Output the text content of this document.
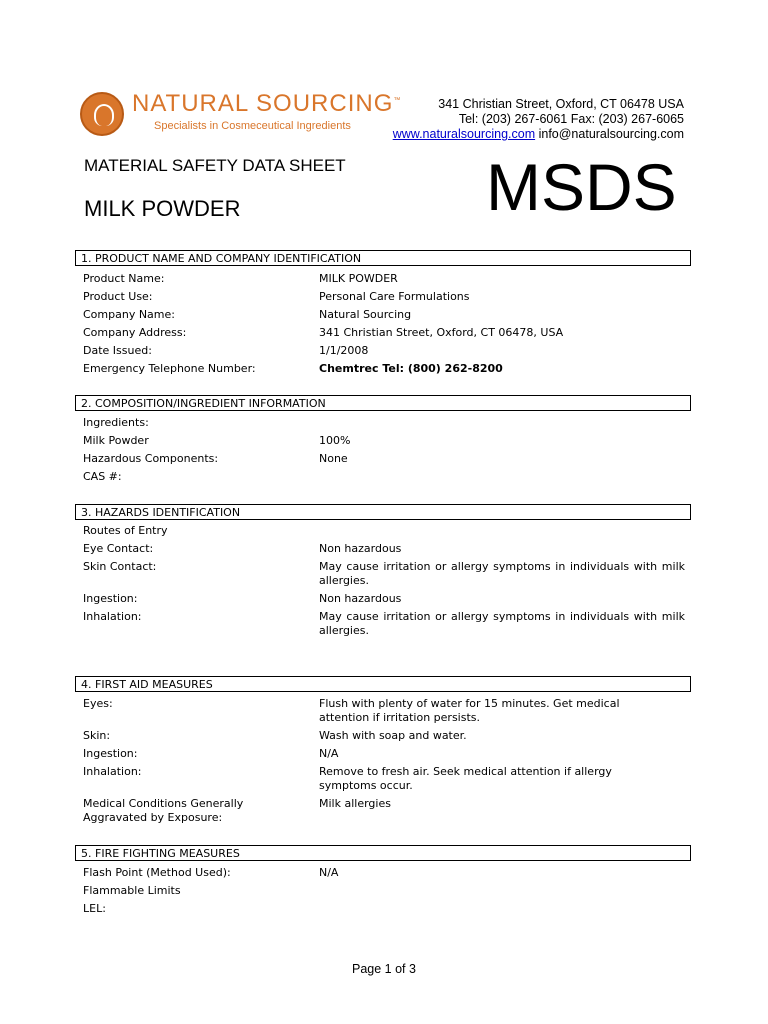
NATURAL SOURCING™
Specialists in Cosmeceutical Ingredients
341 Christian Street, Oxford, CT 06478 USA
Tel: (203) 267-6061 Fax: (203) 267-6065
www.naturalsourcing.com info@naturalsourcing.com
MATERIAL SAFETY DATA SHEET
MILK POWDER	MSDS
1. PRODUCT NAME AND COMPANY IDENTIFICATION
Product Name:	MILK POWDER
Product Use:	Personal Care Formulations
Company Name:	Natural Sourcing
Company Address:	341 Christian Street, Oxford, CT 06478, USA
Date Issued:	1/1/2008
Emergency Telephone Number:	Chemtrec Tel: (800) 262-8200
2. COMPOSITION/INGREDIENT INFORMATION
Ingredients:
Milk Powder	100%
Hazardous Components:	None
CAS #:
3. HAZARDS IDENTIFICATION
Routes of Entry
Eye Contact:	Non hazardous
Skin Contact:	May cause irritation or allergy symptoms in individuals with milk allergies.
Ingestion:	Non hazardous
Inhalation:	May cause irritation or allergy symptoms in individuals with milk allergies.
4. FIRST AID MEASURES
Eyes:	Flush with plenty of water for 15 minutes. Get medical attention if irritation persists.
Skin:	Wash with soap and water.
Ingestion:	N/A
Inhalation:	Remove to fresh air. Seek medical attention if allergy symptoms occur.
Medical Conditions Generally Aggravated by Exposure:
Milk allergies
5. FIRE FIGHTING MEASURES
Flash Point (Method Used):	N/A
Flammable Limits
LEL:
Page 1 of 3
